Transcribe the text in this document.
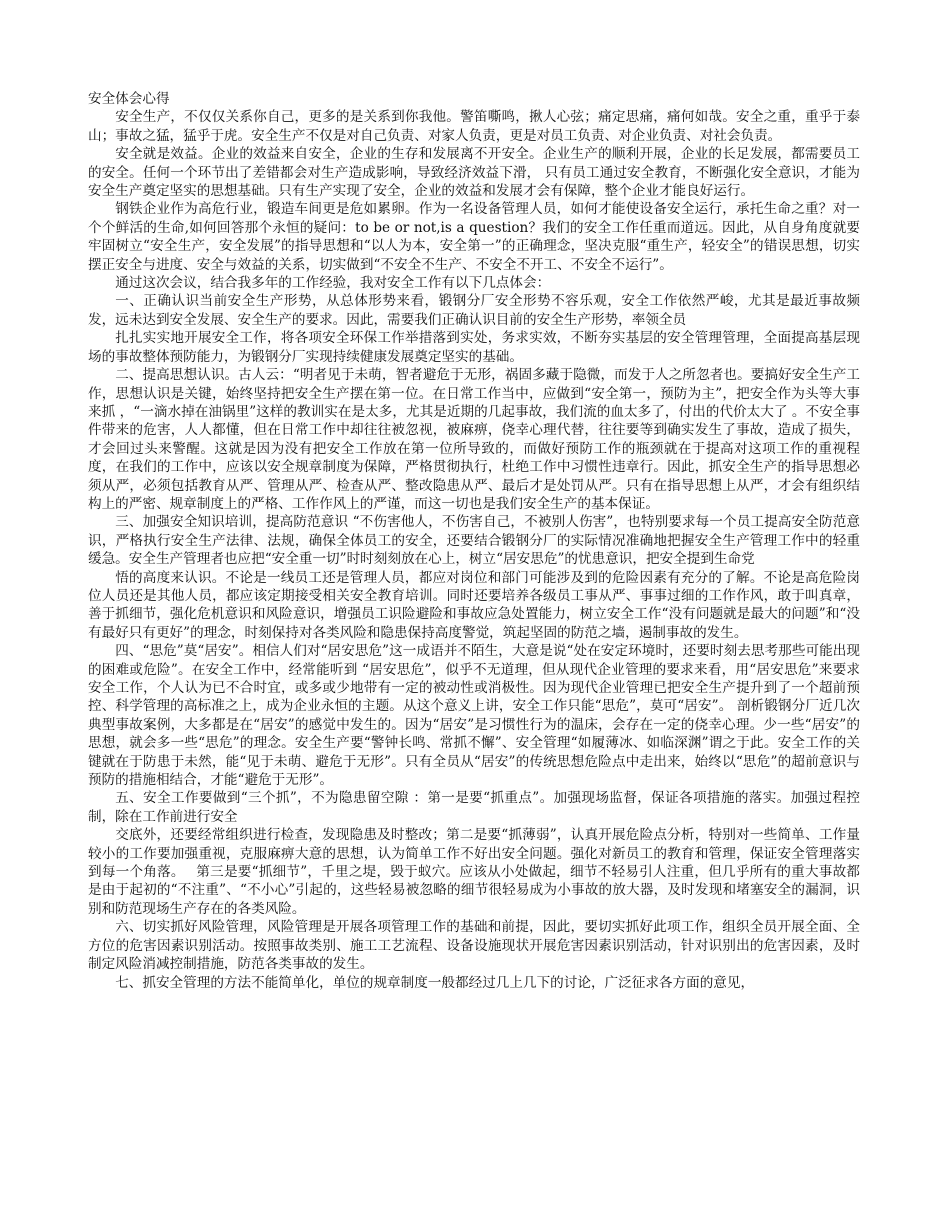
安全体会心得

安全生产，不仅仅关系你自己，更多的是关系到你我他。警笛嘶鸣，揪人心弦；痛定思痛，痛何如哉。安全之重，重乎于泰山；事故之猛，猛乎于虎。安全生产不仅是对自己负责、对家人负责，更是对员工负责、对企业负责、对社会负责。

安全就是效益。企业的效益来自安全，企业的生存和发展离不开安全。企业生产的顺利开展，企业的长足发展，都需要员工的安全。任何一个环节出了差错都会对生产造成影响，导致经济效益下滑， 只有员工通过安全教育，不断强化安全意识，才能为安全生产奠定坚实的思想基础。只有生产实现了安全，企业的效益和发展才会有保障，整个企业才能良好运行。

钢铁企业作为高危行业，锻造车间更是危如累卵。作为一名设备管理人员，如何才能使设备安全运行，承托生命之重？对一个个鲜活的生命,如何回答那个永恒的疑问：to be or not,is a question？我们的安全工作任重而道远。因此，从自身角度就要牢固树立“安全生产，安全发展”的指导思想和“以人为本，安全第一”的正确理念，坚决克服“重生产，轻安全”的错误思想，切实摆正安全与进度、安全与效益的关系，切实做到“不安全不生产、不安全不开工、不安全不运行”。

通过这次会议，结合我多年的工作经验，我对安全工作有以下几点体会：

一、正确认识当前安全生产形势，从总体形势来看，锻钢分厂安全形势不容乐观，安全工作依然严峻，尤其是最近事故频发，远未达到安全发展、安全生产的要求。因此，需要我们正确认识目前的安全生产形势，率领全员

扎扎实实地开展安全工作，将各项安全环保工作举措落到实处，务求实效，不断夯实基层的安全管理管理，全面提高基层现场的事故整体预防能力，为锻钢分厂实现持续健康发展奠定坚实的基础。

二、提高思想认识。古人云：“明者见于未萌，智者避危于无形，祸固多藏于隐微，而发于人之所忽者也。要搞好安全生产工作，思想认识是关键，始终坚持把安全生产摆在第一位。在日常工作当中，应做到“安全第一，预防为主”，把安全作为头等大事来抓 ，“一滴水掉在油锅里”这样的教训实在是太多，尤其是近期的几起事故，我们流的血太多了，付出的代价太大了 。不安全事件带来的危害，人人都懂，但在日常工作中却往往被忽视，被麻痹，侥幸心理代替，往往要等到确实发生了事故，造成了损失，才会回过头来警醒。这就是因为没有把安全工作放在第一位所导致的，而做好预防工作的瓶颈就在于提高对这项工作的重视程度，在我们的工作中，应该以安全规章制度为保障，严格贯彻执行，杜绝工作中习惯性违章行。因此，抓安全生产的指导思想必须从严，必须包括教育从严、管理从严、检查从严、整改隐患从严、最后才是处罚从严。只有在指导思想上从严，才会有组织结构上的严密、规章制度上的严格、工作作风上的严谨，而这一切也是我们安全生产的基本保证。

三、加强安全知识培训，提高防范意识 “不伤害他人，不伤害自己，不被别人伤害”，也特别要求每一个员工提高安全防范意识，严格执行安全生产法律、法规，确保全体员工的安全，还要结合锻钢分厂的实际情况准确地把握安全生产管理工作中的轻重缓急。安全生产管理者也应把“安全重一切”时时刻刻放在心上，树立“居安思危”的忧患意识，把安全提到生命党

悟的高度来认识。不论是一线员工还是管理人员，都应对岗位和部门可能涉及到的危险因素有充分的了解。不论是高危险岗位人员还是其他人员，都应该定期接受相关安全教育培训。同时还要培养各级员工事从严、事事过细的工作作风，敢于叫真章，善于抓细节，强化危机意识和风险意识，增强员工识险避险和事故应急处置能力，树立安全工作“没有问题就是最大的问题”和“没有最好只有更好”的理念，时刻保持对各类风险和隐患保持高度警觉，筑起坚固的防范之墙，遏制事故的发生。

四、“思危”莫“居安”。相信人们对“居安思危”这一成语并不陌生，大意是说“处在安定环境时，还要时刻去思考那些可能出现的困难或危险”。在安全工作中，经常能听到 “居安思危”，似乎不无道理，但从现代企业管理的要求来看，用“居安思危”来要求安全工作，个人认为已不合时宜，或多或少地带有一定的被动性或消极性。因为现代企业管理已把安全生产提升到了一个超前预控、科学管理的高标准之上，成为企业永恒的主题。从这个意义上讲，安全工作只能“思危”，莫可“居安”。 剖析锻钢分厂近几次典型事故案例，大多都是在“居安”的感觉中发生的。因为“居安”是习惯性行为的温床，会存在一定的侥幸心理。少一些“居安”的思想，就会多一些“思危”的理念。安全生产要“警钟长鸣、常抓不懈”、安全管理“如履薄冰、如临深渊”谓之于此。安全工作的关键就在于防患于未然，能“见于未萌、避危于无形”。只有全员从“居安”的传统思想危险点中走出来，始终以“思危”的超前意识与预防的措施相结合，才能“避危于无形”。

五、安全工作要做到“三个抓”，不为隐患留空隙 ：第一是要“抓重点”。加强现场监督，保证各项措施的落实。加强过程控制，除在工作前进行安全

交底外，还要经常组织进行检查，发现隐患及时整改；第二是要“抓薄弱”，认真开展危险点分析，特别对一些简单、工作量较小的工作要加强重视，克服麻痹大意的思想，认为简单工作不好出安全问题。强化对新员工的教育和管理，保证安全管理落实到每一个角落。　 第三是要“抓细节”，千里之堤，毁于蚁穴。应该从小处做起，细节不轻易引人注重，但几乎所有的重大事故都是由于起初的“不注重”、“不小心”引起的，这些轻易被忽略的细节很轻易成为小事故的放大器，及时发现和堵塞安全的漏洞，识别和防范现场生产存在的各类风险。

六、切实抓好风险管理，风险管理是开展各项管理工作的基础和前提，因此，要切实抓好此项工作，组织全员开展全面、全方位的危害因素识别活动。按照事故类别、施工工艺流程、设备设施现状开展危害因素识别活动，针对识别出的危害因素，及时制定风险消减控制措施，防范各类事故的发生。

七、抓安全管理的方法不能简单化，单位的规章制度一般都经过几上几下的讨论，广泛征求各方面的意见，
